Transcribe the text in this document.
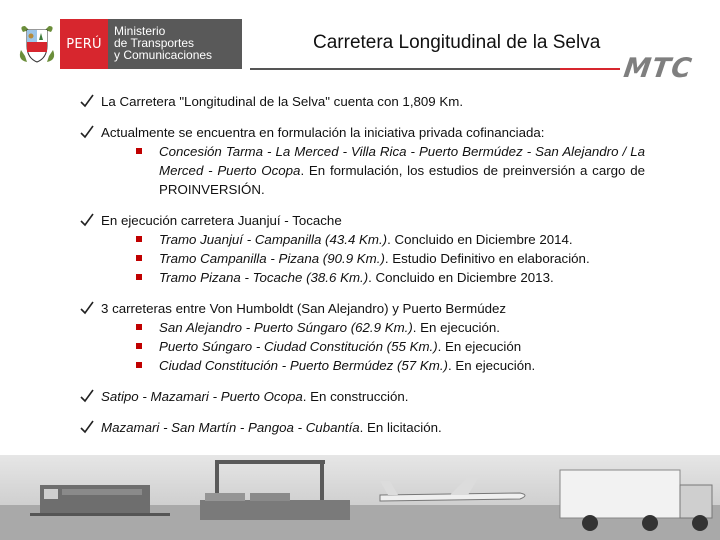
PERÚ
Ministerio
de Transportes
y Comunicaciones
Carretera Longitudinal de la Selva
MTC
La Carretera "Longitudinal de la Selva" cuenta con 1,809 Km.
Actualmente se encuentra en formulación la iniciativa privada cofinanciada:
Concesión Tarma - La Merced - Villa Rica - Puerto Bermúdez - San Alejandro / La Merced - Puerto Ocopa. En formulación, los estudios de preinversión a cargo de PROINVERSIÓN.
En ejecución carretera Juanjuí - Tocache
Tramo Juanjuí - Campanilla (43.4 Km.). Concluido en Diciembre 2014.
Tramo Campanilla - Pizana (90.9 Km.). Estudio Definitivo en elaboración.
Tramo Pizana - Tocache (38.6 Km.). Concluido en Diciembre 2013.
3 carreteras entre Von Humboldt (San Alejandro) y Puerto Bermúdez
San Alejandro - Puerto Súngaro (62.9 Km.). En ejecución.
Puerto Súngaro - Ciudad Constitución (55 Km.). En ejecución
Ciudad Constitución - Puerto Bermúdez (57 Km.). En ejecución.
Satipo - Mazamari - Puerto Ocopa. En construcción.
Mazamari - San Martín - Pangoa - Cubantía. En licitación.
